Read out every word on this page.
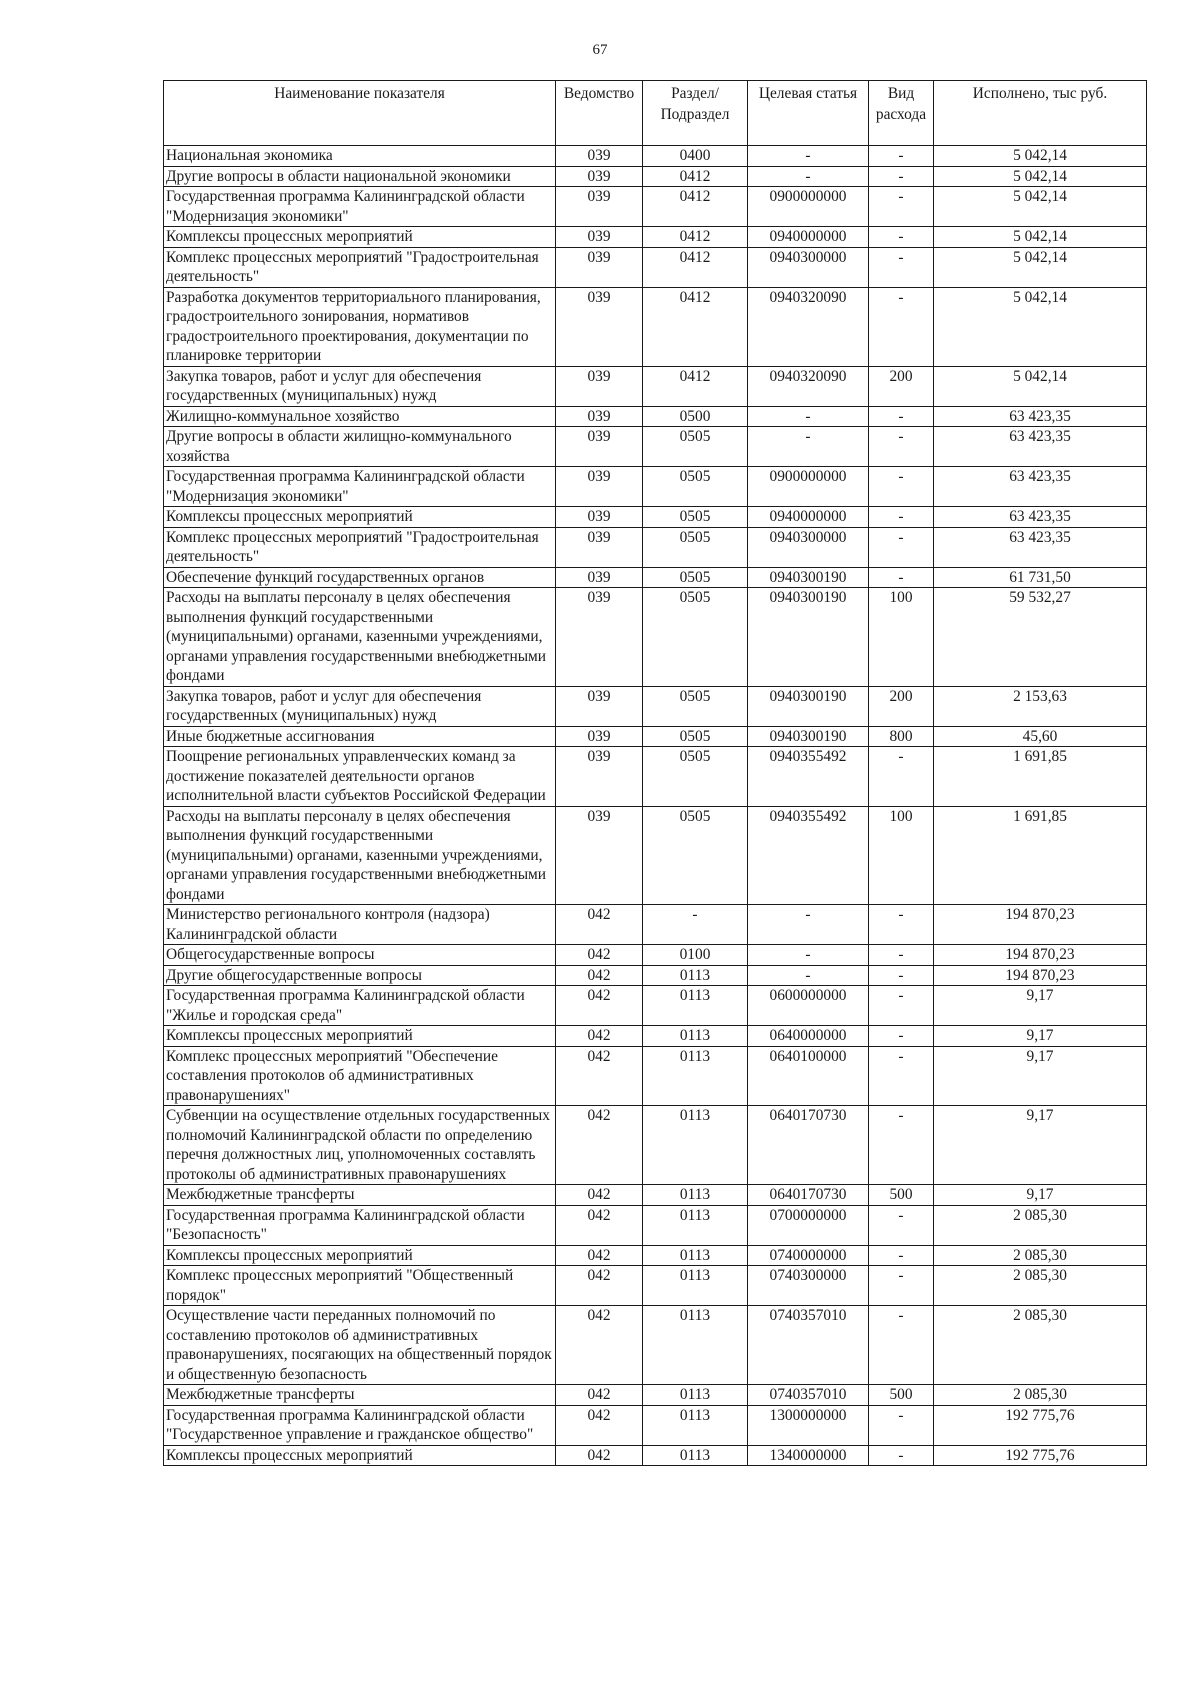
67
Наименование показателя	Ведомство	Раздел/ Подраздел	Целевая статья	Вид расхода	Исполнено, тыс руб.
Национальная экономика	039	0400	-	-	5 042,14
Другие вопросы в области национальной экономики	039	0412	-	-	5 042,14
Государственная программа Калининградской области "Модернизация экономики"	039	0412	0900000000	-	5 042,14
Комплексы процессных мероприятий	039	0412	0940000000	-	5 042,14
Комплекс процессных мероприятий "Градостроительная деятельность"	039	0412	0940300000	-	5 042,14
Разработка документов территориального планирования, градостроительного зонирования, нормативов градостроительного проектирования, документации по планировке территории	039	0412	0940320090	-	5 042,14
Закупка товаров, работ и услуг для обеспечения государственных (муниципальных) нужд	039	0412	0940320090	200	5 042,14
Жилищно-коммунальное хозяйство	039	0500	-	-	63 423,35
Другие вопросы в области жилищно-коммунального хозяйства	039	0505	-	-	63 423,35
Государственная программа Калининградской области "Модернизация экономики"	039	0505	0900000000	-	63 423,35
Комплексы процессных мероприятий	039	0505	0940000000	-	63 423,35
Комплекс процессных мероприятий "Градостроительная деятельность"	039	0505	0940300000	-	63 423,35
Обеспечение функций государственных органов	039	0505	0940300190	-	61 731,50
Расходы на выплаты персоналу в целях обеспечения выполнения функций государственными (муниципальными) органами, казенными учреждениями, органами управления государственными внебюджетными фондами	039	0505	0940300190	100	59 532,27
Закупка товаров, работ и услуг для обеспечения государственных (муниципальных) нужд	039	0505	0940300190	200	2 153,63
Иные бюджетные ассигнования	039	0505	0940300190	800	45,60
Поощрение региональных управленческих команд за достижение показателей деятельности органов исполнительной власти субъектов Российской Федерации	039	0505	0940355492	-	1 691,85
Расходы на выплаты персоналу в целях обеспечения выполнения функций государственными (муниципальными) органами, казенными учреждениями, органами управления государственными внебюджетными фондами	039	0505	0940355492	100	1 691,85
Министерство регионального контроля (надзора) Калининградской области	042	-	-	-	194 870,23
Общегосударственные вопросы	042	0100	-	-	194 870,23
Другие общегосударственные вопросы	042	0113	-	-	194 870,23
Государственная программа Калининградской области "Жилье и городская среда"	042	0113	0600000000	-	9,17
Комплексы процессных мероприятий	042	0113	0640000000	-	9,17
Комплекс процессных мероприятий "Обеспечение составления протоколов об административных правонарушениях"	042	0113	0640100000	-	9,17
Субвенции на осуществление отдельных государственных полномочий Калининградской области по определению перечня должностных лиц, уполномоченных составлять протоколы об административных правонарушениях	042	0113	0640170730	-	9,17
Межбюджетные трансферты	042	0113	0640170730	500	9,17
Государственная программа Калининградской области "Безопасность"	042	0113	0700000000	-	2 085,30
Комплексы процессных мероприятий	042	0113	0740000000	-	2 085,30
Комплекс процессных мероприятий "Общественный порядок"	042	0113	0740300000	-	2 085,30
Осуществление части переданных полномочий по составлению протоколов об административных правонарушениях, посягающих на общественный порядок и общественную безопасность	042	0113	0740357010	-	2 085,30
Межбюджетные трансферты	042	0113	0740357010	500	2 085,30
Государственная программа Калининградской области "Государственное управление и гражданское общество"	042	0113	1300000000	-	192 775,76
Комплексы процессных мероприятий	042	0113	1340000000	-	192 775,76
